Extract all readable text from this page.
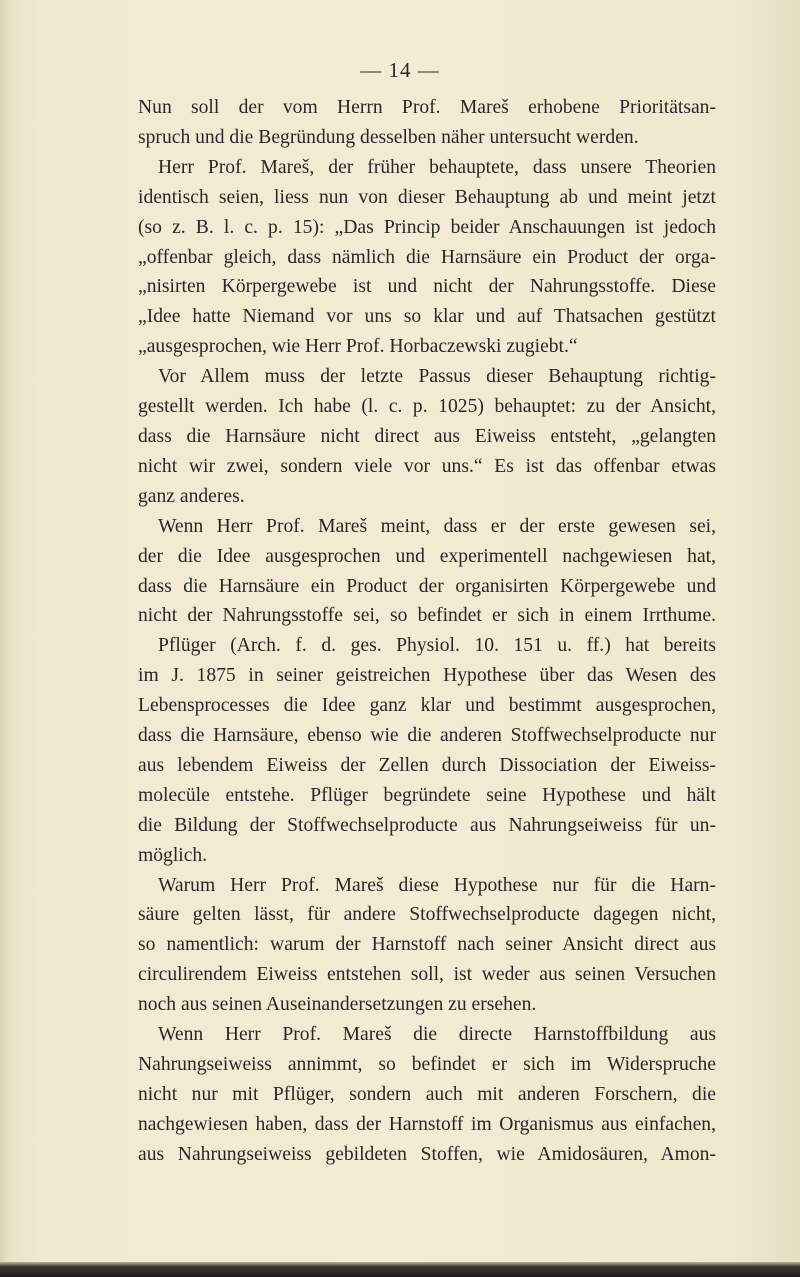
— 14 —
Nun soll der vom Herrn Prof. Mareš erhobene Prioritätsan-
spruch und die Begründung desselben näher untersucht werden.
Herr Prof. Mareš, der früher behauptete, dass unsere Theorien
identisch seien, liess nun von dieser Behauptung ab und meint jetzt
(so z. B. l. c. p. 15): „Das Princip beider Anschauungen ist jedoch
„offenbar gleich, dass nämlich die Harnsäure ein Product der orga-
„nisirten Körpergewebe ist und nicht der Nahrungsstoffe. Diese
„Idee hatte Niemand vor uns so klar und auf Thatsachen gestützt
„ausgesprochen, wie Herr Prof. Horbaczewski zugiebt.“
Vor Allem muss der letzte Passus dieser Behauptung richtig-
gestellt werden. Ich habe (l. c. p. 1025) behauptet: zu der Ansicht,
dass die Harnsäure nicht direct aus Eiweiss entsteht, „gelangten
nicht wir zwei, sondern viele vor uns.“ Es ist das offenbar etwas
ganz anderes.
Wenn Herr Prof. Mareš meint, dass er der erste gewesen sei,
der die Idee ausgesprochen und experimentell nachgewiesen hat,
dass die Harnsäure ein Product der organisirten Körpergewebe und
nicht der Nahrungsstoffe sei, so befindet er sich in einem Irrthume.
Pflüger (Arch. f. d. ges. Physiol. 10. 151 u. ff.) hat bereits
im J. 1875 in seiner geistreichen Hypothese über das Wesen des
Lebensprocesses die Idee ganz klar und bestimmt ausgesprochen,
dass die Harnsäure, ebenso wie die anderen Stoffwechselproducte nur
aus lebendem Eiweiss der Zellen durch Dissociation der Eiweiss-
molecüle entstehe. Pflüger begründete seine Hypothese und hält
die Bildung der Stoffwechselproducte aus Nahrungseiweiss für un-
möglich.
Warum Herr Prof. Mareš diese Hypothese nur für die Harn-
säure gelten lässt, für andere Stoffwechselproducte dagegen nicht,
so namentlich: warum der Harnstoff nach seiner Ansicht direct aus
circulirendem Eiweiss entstehen soll, ist weder aus seinen Versuchen
noch aus seinen Auseinandersetzungen zu ersehen.
Wenn Herr Prof. Mareš die directe Harnstoffbildung aus
Nahrungseiweiss annimmt, so befindet er sich im Widerspruche
nicht nur mit Pflüger, sondern auch mit anderen Forschern, die
nachgewiesen haben, dass der Harnstoff im Organismus aus einfachen,
aus Nahrungseiweiss gebildeten Stoffen, wie Amidosäuren, Amon-
